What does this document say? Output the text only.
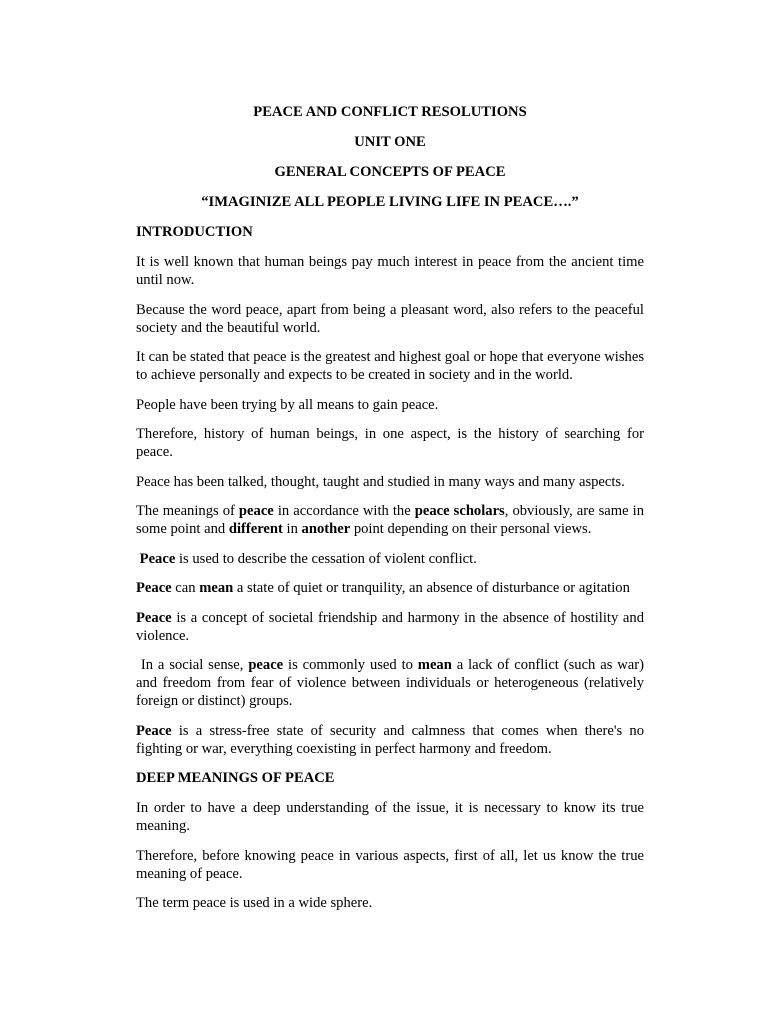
PEACE AND CONFLICT RESOLUTIONS
UNIT ONE
GENERAL CONCEPTS OF PEACE
“IMAGINIZE ALL PEOPLE LIVING LIFE IN PEACE….”
INTRODUCTION

It is well known that human beings pay much interest in peace from the ancient time until now.

Because the word peace, apart from being a pleasant word, also refers to the peaceful society and the beautiful world.

It can be stated that peace is the greatest and highest goal or hope that everyone wishes to achieve personally and expects to be created in society and in the world.

People have been trying by all means to gain peace.

Therefore, history of human beings, in one aspect, is the history of searching for peace.

Peace has been talked, thought, taught and studied in many ways and many aspects.

The meanings of peace in accordance with the peace scholars, obviously, are same in some point and different in another point depending on their personal views.

Peace is used to describe the cessation of violent conflict.

Peace can mean a state of quiet or tranquility, an absence of disturbance or agitation

Peace is a concept of societal friendship and harmony in the absence of hostility and violence.

In a social sense, peace is commonly used to mean a lack of conflict (such as war) and freedom from fear of violence between individuals or heterogeneous (relatively foreign or distinct) groups.

Peace is a stress-free state of security and calmness that comes when there's no fighting or war, everything coexisting in perfect harmony and freedom.

DEEP MEANINGS OF PEACE

In order to have a deep understanding of the issue, it is necessary to know its true meaning.

Therefore, before knowing peace in various aspects, first of all, let us know the true meaning of peace.

The term peace is used in a wide sphere.
